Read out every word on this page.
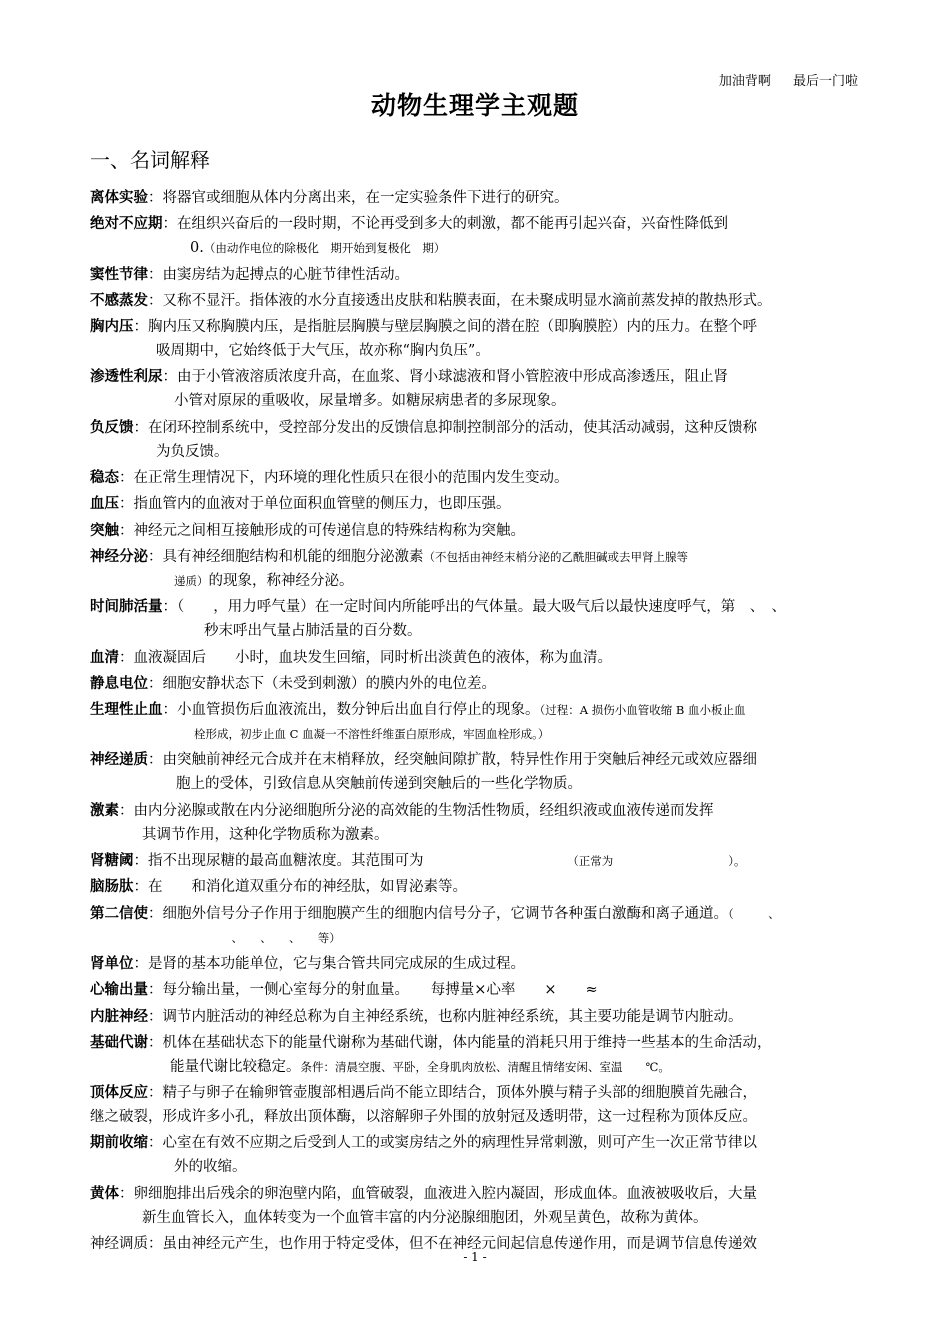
加油背啊 最后一门啦
动物生理学主观题
一、名词解释
离体实验：将器官或细胞从体内分离出来，在一定实验条件下进行的研究。
绝对不应期：在组织兴奋后的一段时期，不论再受到多大的刺激，都不能再引起兴奋，兴奋性降低到
0.（由动作电位的除极化　期开始到复极化　期）
窦性节律：由窦房结为起搏点的心脏节律性活动。
不感蒸发：又称不显汗。指体液的水分直接透出皮肤和粘膜表面，在未聚成明显水滴前蒸发掉的散热形式。
胸内压：胸内压又称胸膜内压，是指脏层胸膜与壁层胸膜之间的潜在腔（即胸膜腔）内的压力。在整个呼
吸周期中，它始终低于大气压，故亦称“胸内负压”。
渗透性利尿：由于小管液溶质浓度升高，在血浆、肾小球滤液和肾小管腔液中形成高渗透压，阻止肾
小管对原尿的重吸收，尿量增多。如糖尿病患者的多尿现象。
负反馈：在闭环控制系统中，受控部分发出的反馈信息抑制控制部分的活动，使其活动减弱，这种反馈称
为负反馈。
稳态：在正常生理情况下，内环境的理化性质只在很小的范围内发生变动。
血压：指血管内的血液对于单位面积血管壁的侧压力，也即压强。
突触：神经元之间相互接触形成的可传递信息的特殊结构称为突触。
神经分泌：具有神经细胞结构和机能的细胞分泌激素（不包括由神经末梢分泌的乙酰胆碱或去甲肾上腺等
递质）的现象，称神经分泌。
时间肺活量：（　　，用力呼气量）在一定时间内所能呼出的气体量。最大吸气后以最快速度呼气，第　、　、
秒末呼出气量占肺活量的百分数。
血清：血液凝固后　　小时，血块发生回缩，同时析出淡黄色的液体，称为血清。
静息电位：细胞安静状态下（未受到刺激）的膜内外的电位差。
生理性止血：小血管损伤后血液流出，数分钟后出血自行停止的现象。（过程：A 损伤小血管收缩 B 血小板止血
栓形成，初步止血 C 血凝一不溶性纤维蛋白原形成，牢固血栓形成。）
神经递质：由突触前神经元合成并在末梢释放，经突触间隙扩散，特异性作用于突触后神经元或效应器细
胞上的受体，引致信息从突触前传递到突触后的一些化学物质。
激素：由内分泌腺或散在内分泌细胞所分泌的高效能的生物活性物质，经组织液或血液传递而发挥
其调节作用，这种化学物质称为激素。
肾糖阈：指不出现尿糖的最高血糖浓度。其范围可为　　　　　　　　　　　　　（正常为　　　　　　　　　　）。
脑肠肽：在　　和消化道双重分布的神经肽，如胃泌素等。
第二信使：细胞外信号分子作用于细胞膜产生的细胞内信号分子，它调节各种蛋白激酶和离子通道。（　　　、
　　　　　、　　、　　、　　等）
肾单位：是肾的基本功能单位，它与集合管共同完成尿的生成过程。
心输出量：每分输出量，一侧心室每分的射血量。　　每搏量×心率　　×　　≈
内脏神经：调节内脏活动的神经总称为自主神经系统，也称内脏神经系统，其主要功能是调节内脏动。
基础代谢：机体在基础状态下的能量代谢称为基础代谢，体内能量的消耗只用于维持一些基本的生命活动，
能量代谢比较稳定。条件：清晨空腹、平卧，全身肌肉放松、清醒且情绪安闲、室温　　℃。
顶体反应：精子与卵子在输卵管壶腹部相遇后尚不能立即结合，顶体外膜与精子头部的细胞膜首先融合，
继之破裂，形成许多小孔，释放出顶体酶，以溶解卵子外围的放射冠及透明带，这一过程称为顶体反应。
期前收缩：心室在有效不应期之后受到人工的或窦房结之外的病理性异常刺激，则可产生一次正常节律以
外的收缩。
黄体：卵细胞排出后残余的卵泡壁内陷，血管破裂，血液进入腔内凝固，形成血体。血液被吸收后，大量
新生血管长入，血体转变为一个血管丰富的内分泌腺细胞团，外观呈黄色，故称为黄体。
神经调质：虽由神经元产生，也作用于特定受体，但不在神经元间起信息传递作用，而是调节信息传递效
- 1 -
